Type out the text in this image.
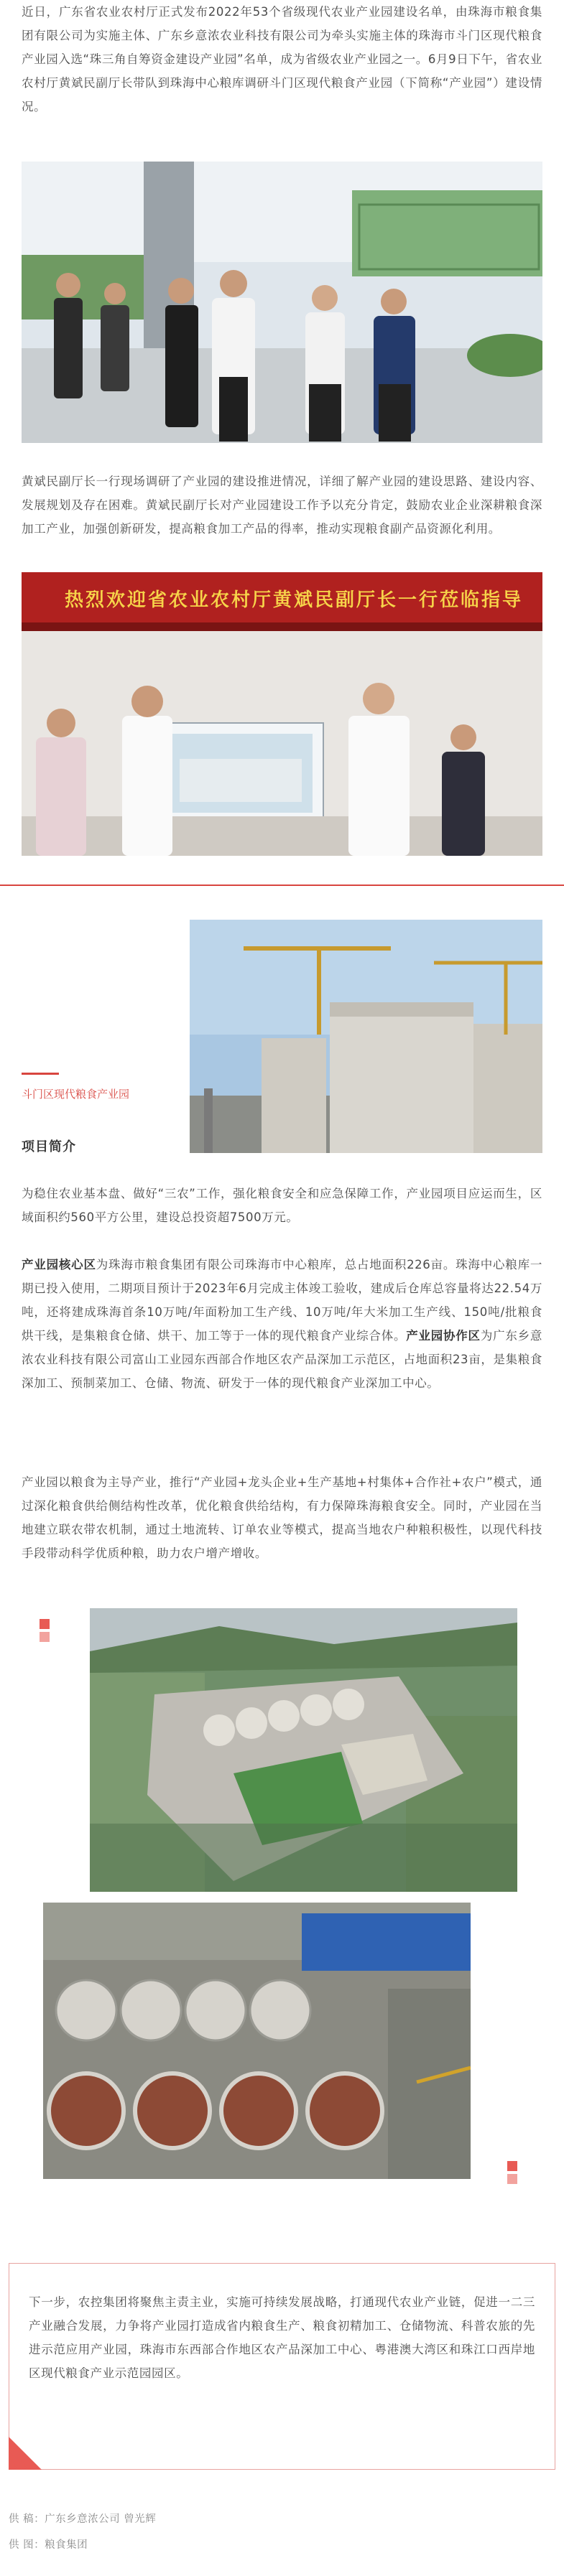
近日，广东省农业农村厅正式发布2022年53个省级现代农业产业园建设名单，由珠海市粮食集团有限公司为实施主体、广东乡意浓农业科技有限公司为牵头实施主体的珠海市斗门区现代粮食产业园入选“珠三角自筹资金建设产业园”名单，成为省级农业产业园之一。6月9日下午，省农业农村厅黄斌民副厅长带队到珠海中心粮库调研斗门区现代粮食产业园（下简称“产业园”）建设情况。

黄斌民副厅长一行现场调研了产业园的建设推进情况，详细了解产业园的建设思路、建设内容、发展规划及存在困难。黄斌民副厅长对产业园建设工作予以充分肯定，鼓励农业企业深耕粮食深加工产业，加强创新研发，提高粮食加工产品的得率，推动实现粮食副产品资源化利用。

热烈欢迎省农业农村厅黄斌民副厅长一行莅临指导
斗门区现代粮食产业园
项目简介

为稳住农业基本盘、做好“三农”工作，强化粮食安全和应急保障工作，产业园项目应运而生，区域面积约560平方公里，建设总投资超7500万元。

产业园核心区为珠海市粮食集团有限公司珠海市中心粮库，总占地面积226亩。珠海中心粮库一期已投入使用，二期项目预计于2023年6月完成主体竣工验收，建成后仓库总容量将达22.54万吨，还将建成珠海首条10万吨/年面粉加工生产线、10万吨/年大米加工生产线、150吨/批粮食烘干线，是集粮食仓储、烘干、加工等于一体的现代粮食产业综合体。产业园协作区为广东乡意浓农业科技有限公司富山工业园东西部合作地区农产品深加工示范区，占地面积23亩，是集粮食深加工、预制菜加工、仓储、物流、研发于一体的现代粮食产业深加工中心。

产业园以粮食为主导产业，推行“产业园+龙头企业+生产基地+村集体+合作社+农户”模式，通过深化粮食供给侧结构性改革，优化粮食供给结构，有力保障珠海粮食安全。同时，产业园在当地建立联农带农机制，通过土地流转、订单农业等模式，提高当地农户种粮积极性，以现代科技手段带动科学优质种粮，助力农户增产增收。

下一步，农控集团将聚焦主责主业，实施可持续发展战略，打通现代农业产业链，促进一二三产业融合发展，力争将产业园打造成省内粮食生产、粮食初精加工、仓储物流、科普农旅的先进示范应用产业园，珠海市东西部合作地区农产品深加工中心、粤港澳大湾区和珠江口西岸地区现代粮食产业示范园园区。

供 稿：广东乡意浓公司 曾光辉
供 图：粮食集团
